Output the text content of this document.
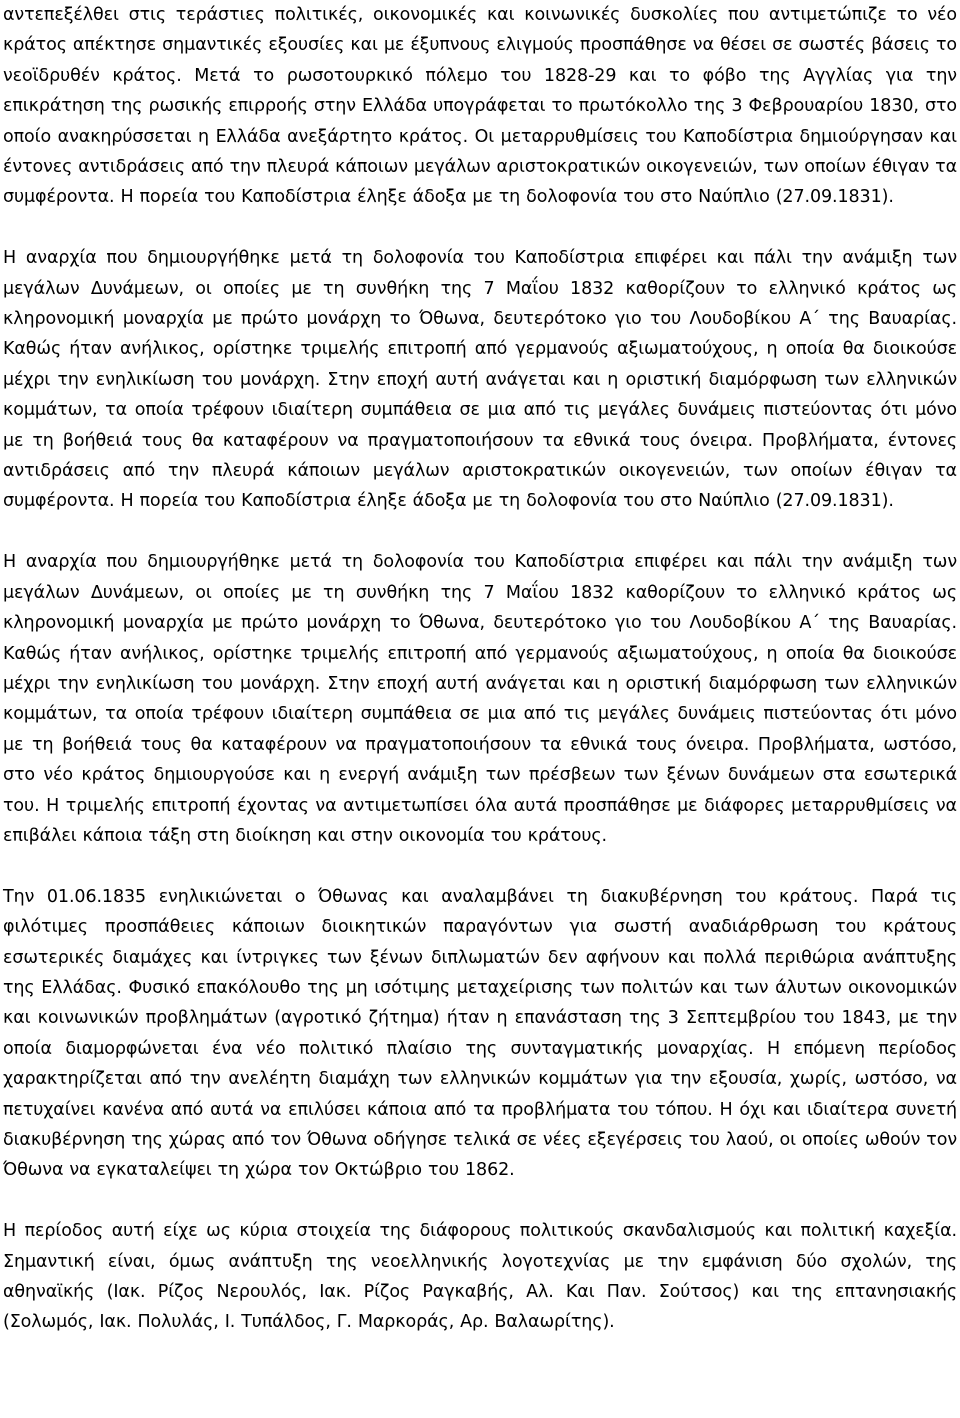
αντεπεξέλθει στις τεράστιες πολιτικές, οικονομικές και κοινωνικές δυσκολίες που αντιμετώπιζε το νέο κράτος απέκτησε σημαντικές εξουσίες και με έξυπνους ελιγμούς προσπάθησε να θέσει σε σωστές βάσεις το νεοϊδρυθέν κράτος. Μετά το ρωσοτουρκικό πόλεμο του 1828-29 και το φόβο της Αγγλίας για την επικράτηση της ρωσικής επιρροής στην Ελλάδα υπογράφεται το πρωτόκολλο της 3 Φεβρουαρίου 1830, στο οποίο ανακηρύσσεται η Ελλάδα ανεξάρτητο κράτος. Οι μεταρρυθμίσεις του Καποδίστρια δημιούργησαν και έντονες αντιδράσεις από την πλευρά κάποιων μεγάλων αριστοκρατικών οικογενειών, των οποίων έθιγαν τα συμφέροντα. Η πορεία του Καποδίστρια έληξε άδοξα με τη δολοφονία του στο Ναύπλιο (27.09.1831).

Η αναρχία που δημιουργήθηκε μετά τη δολοφονία του Καποδίστρια επιφέρει και πάλι την ανάμιξη των μεγάλων Δυνάμεων, οι οποίες με τη συνθήκη της 7 Μαΐου 1832 καθορίζουν το ελληνικό κράτος ως κληρονομική μοναρχία με πρώτο μονάρχη το Όθωνα, δευτερότοκο γιο του Λουδοβίκου Α΄ της Βαυαρίας. Καθώς ήταν ανήλικος, ορίστηκε τριμελής επιτροπή από γερμανούς αξιωματούχους, η οποία θα διοικούσε μέχρι την ενηλικίωση του μονάρχη. Στην εποχή αυτή ανάγεται και η οριστική διαμόρφωση των ελληνικών κομμάτων, τα οποία τρέφουν ιδιαίτερη συμπάθεια σε μια από τις μεγάλες δυνάμεις πιστεύοντας ότι μόνο με τη βοήθειά τους θα καταφέρουν να πραγματοποιήσουν τα εθνικά τους όνειρα. Προβλήματα, έντονες αντιδράσεις από την πλευρά κάποιων μεγάλων αριστοκρατικών οικογενειών, των οποίων έθιγαν τα συμφέροντα. Η πορεία του Καποδίστρια έληξε άδοξα με τη δολοφονία του στο Ναύπλιο (27.09.1831).

Η αναρχία που δημιουργήθηκε μετά τη δολοφονία του Καποδίστρια επιφέρει και πάλι την ανάμιξη των μεγάλων Δυνάμεων, οι οποίες με τη συνθήκη της 7 Μαΐου 1832 καθορίζουν το ελληνικό κράτος ως κληρονομική μοναρχία με πρώτο μονάρχη το Όθωνα, δευτερότοκο γιο του Λουδοβίκου Α΄ της Βαυαρίας. Καθώς ήταν ανήλικος, ορίστηκε τριμελής επιτροπή από γερμανούς αξιωματούχους, η οποία θα διοικούσε μέχρι την ενηλικίωση του μονάρχη. Στην εποχή αυτή ανάγεται και η οριστική διαμόρφωση των ελληνικών κομμάτων, τα οποία τρέφουν ιδιαίτερη συμπάθεια σε μια από τις μεγάλες δυνάμεις πιστεύοντας ότι μόνο με τη βοήθειά τους θα καταφέρουν να πραγματοποιήσουν τα εθνικά τους όνειρα. Προβλήματα, ωστόσο, στο νέο κράτος δημιουργούσε και η ενεργή ανάμιξη των πρέσβεων των ξένων δυνάμεων στα εσωτερικά του. Η τριμελής επιτροπή έχοντας να αντιμετωπίσει όλα αυτά προσπάθησε με διάφορες μεταρρυθμίσεις να επιβάλει κάποια τάξη στη διοίκηση και στην οικονομία του κράτους.

Την 01.06.1835 ενηλικιώνεται ο Όθωνας και αναλαμβάνει τη διακυβέρνηση του κράτους. Παρά τις φιλότιμες προσπάθειες κάποιων διοικητικών παραγόντων για σωστή αναδιάρθρωση του κράτους εσωτερικές διαμάχες και ίντριγκες των ξένων διπλωματών δεν αφήνουν και πολλά περιθώρια ανάπτυξης της Ελλάδας. Φυσικό επακόλουθο της μη ισότιμης μεταχείρισης των πολιτών και των άλυτων οικονομικών και κοινωνικών προβλημάτων (αγροτικό ζήτημα) ήταν η επανάσταση της 3 Σεπτεμβρίου του 1843, με την οποία διαμορφώνεται ένα νέο πολιτικό πλαίσιο της συνταγματικής μοναρχίας. Η επόμενη περίοδος χαρακτηρίζεται από την ανελέητη διαμάχη των ελληνικών κομμάτων για την εξουσία, χωρίς, ωστόσο, να πετυχαίνει κανένα από αυτά να επιλύσει κάποια από τα προβλήματα του τόπου. Η όχι και ιδιαίτερα συνετή διακυβέρνηση της χώρας από τον Όθωνα οδήγησε τελικά σε νέες εξεγέρσεις του λαού, οι οποίες ωθούν τον Όθωνα να εγκαταλείψει τη χώρα τον Οκτώβριο του 1862.

Η περίοδος αυτή είχε ως κύρια στοιχεία της διάφορους πολιτικούς σκανδαλισμούς και πολιτική καχεξία. Σημαντική είναι, όμως ανάπτυξη της νεοελληνικής λογοτεχνίας με την εμφάνιση δύο σχολών, της αθηναϊκής (Ιακ. Ρίζος Νερουλός, Ιακ. Ρίζος Ραγκαβής, Αλ. Και Παν. Σούτσος) και της επτανησιακής (Σολωμός, Ιακ. Πολυλάς, Ι. Τυπάλδος, Γ. Μαρκοράς, Αρ. Βαλαωρίτης).
